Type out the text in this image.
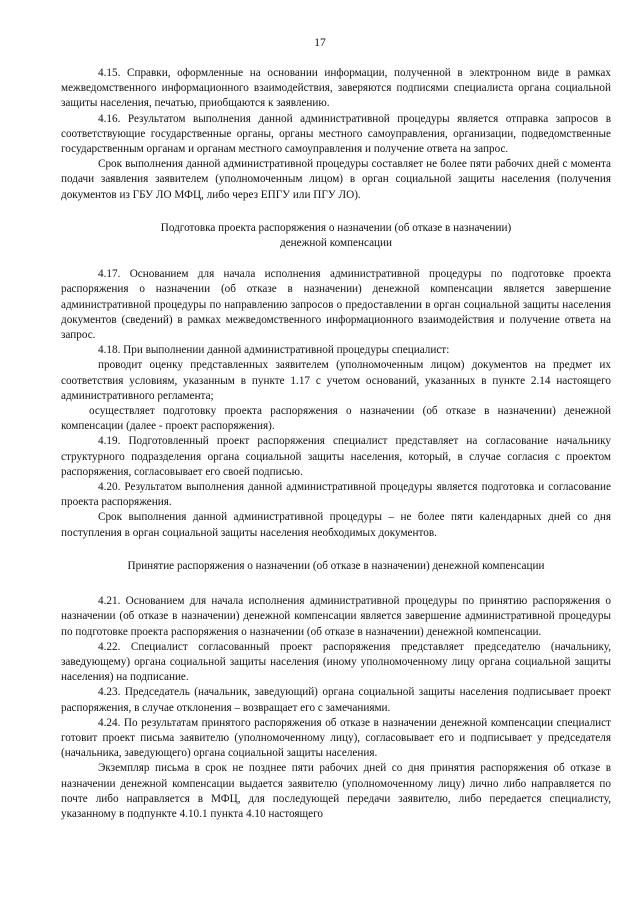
17

4.15. Справки, оформленные на основании информации, полученной в электронном виде в рамках межведомственного информационного взаимодействия, заверяются подписями специалиста органа социальной защиты населения, печатью, приобщаются к заявлению.

4.16. Результатом выполнения данной административной процедуры является отправка запросов в соответствующие государственные органы, органы местного самоуправления, организации, подведомственные государственным органам и органам местного самоуправления и получение ответа на запрос.

Срок выполнения данной административной процедуры составляет не более пяти рабочих дней с момента подачи заявления заявителем (уполномоченным лицом) в орган социальной защиты населения (получения документов из ГБУ ЛО МФЦ, либо через ЕПГУ или ПГУ ЛО).

Подготовка проекта распоряжения о назначении (об отказе в назначении)
денежной компенсации

4.17. Основанием для начала исполнения административной процедуры по подготовке проекта распоряжения о назначении (об отказе в назначении) денежной компенсации является завершение административной процедуры по направлению запросов о предоставлении в орган социальной защиты населения документов (сведений) в рамках межведомственного информационного взаимодействия и получение ответа на запрос.

4.18. При выполнении данной административной процедуры специалист:

проводит оценку представленных заявителем (уполномоченным лицом) документов на предмет их соответствия условиям, указанным в пункте 1.17 с учетом оснований, указанных в пункте 2.14 настоящего административного регламента;

осуществляет подготовку проекта распоряжения о назначении (об отказе в назначении) денежной компенсации (далее - проект распоряжения).

4.19. Подготовленный проект распоряжения специалист представляет на согласование начальнику структурного подразделения органа социальной защиты населения, который, в случае согласия с проектом распоряжения, согласовывает его своей подписью.

4.20. Результатом выполнения данной административной процедуры является подготовка и согласование проекта распоряжения.

Срок выполнения данной административной процедуры – не более пяти календарных дней со дня поступления в орган социальной защиты населения необходимых документов.

Принятие распоряжения о назначении (об отказе в назначении) денежной компенсации

4.21. Основанием для начала исполнения административной процедуры по принятию распоряжения о назначении (об отказе в назначении) денежной компенсации является завершение административной процедуры по подготовке проекта распоряжения о назначении (об отказе в назначении) денежной компенсации.

4.22. Специалист согласованный проект распоряжения представляет председателю (начальнику, заведующему) органа социальной защиты населения (иному уполномоченному лицу органа социальной защиты населения) на подписание.

4.23. Председатель (начальник, заведующий) органа социальной защиты населения подписывает проект распоряжения, в случае отклонения – возвращает его с замечаниями.

4.24. По результатам принятого распоряжения об отказе в назначении денежной компенсации специалист готовит проект письма заявителю (уполномоченному лицу), согласовывает его и подписывает у председателя (начальника, заведующего) органа социальной защиты населения.

Экземпляр письма в срок не позднее пяти рабочих дней со дня принятия распоряжения об отказе в назначении денежной компенсации выдается заявителю (уполномоченному лицу) лично либо направляется по почте либо направляется в МФЦ, для последующей передачи заявителю, либо передается специалисту, указанному в подпункте 4.10.1 пункта 4.10 настоящего
